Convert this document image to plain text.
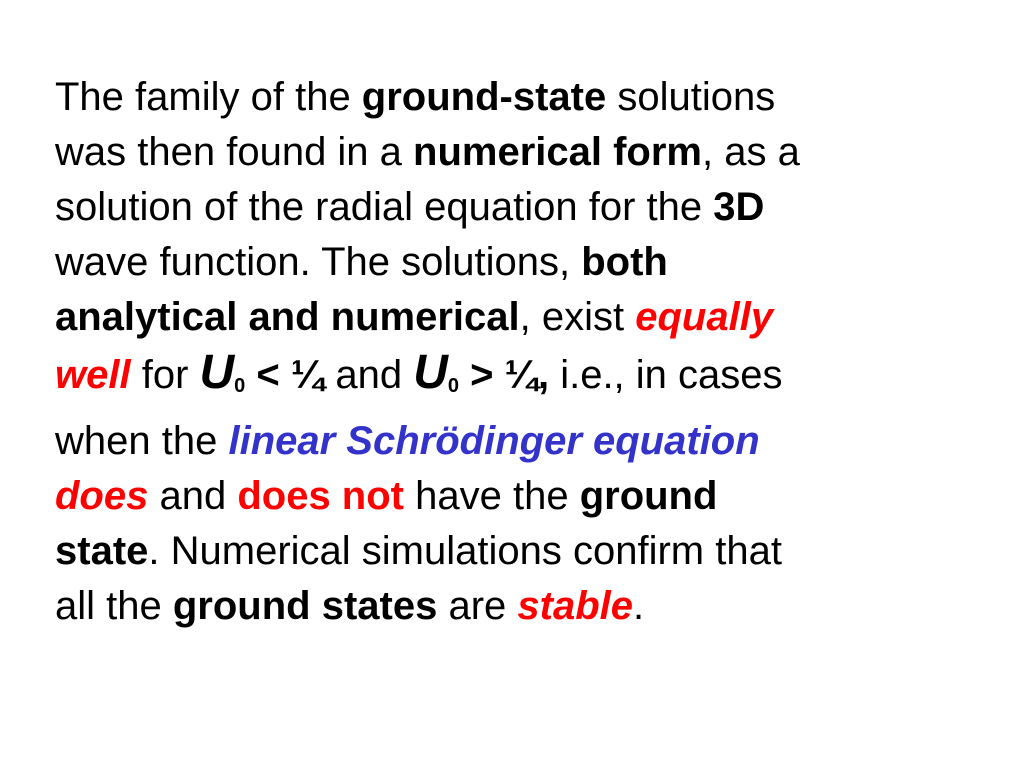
The family of the ground-state solutions
was then found in a numerical form, as a
solution of the radial equation for the 3D
wave function. The solutions, both
analytical and numerical, exist equally
well for $U_0$ < ¼ and $U_0$ > ¼, i.e., in cases
when the linear Schrödinger equation
does and does not have the ground
state. Numerical simulations confirm that
all the ground states are stable.
